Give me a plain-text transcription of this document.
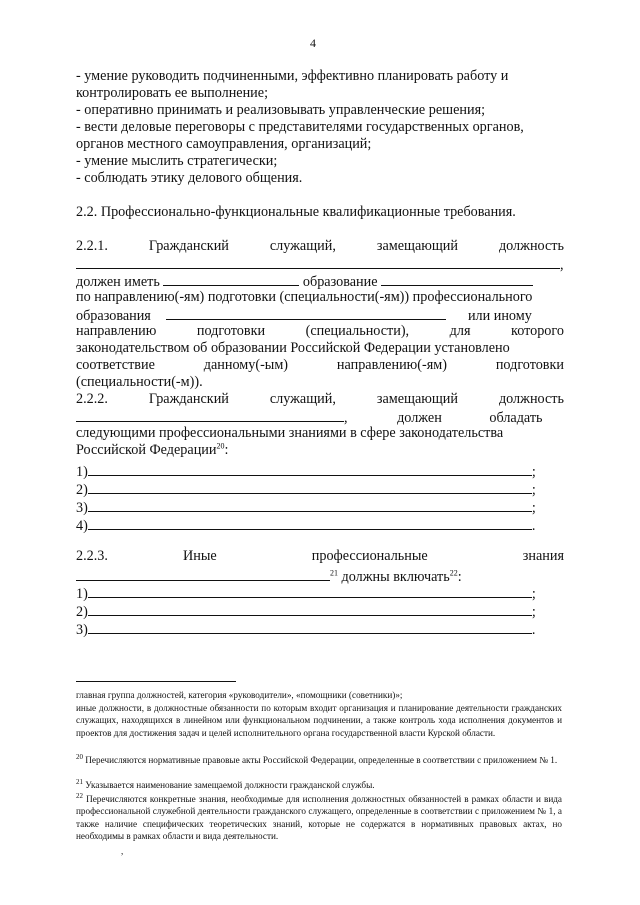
4
- умение руководить подчиненными, эффективно планировать работу и
контролировать ее выполнение;
- оперативно принимать и реализовывать управленческие решения;
- вести деловые переговоры с представителями государственных органов,
органов местного самоуправления, организаций;
- умение мыслить стратегически;
- соблюдать этику делового общения.
2.2. Профессионально-функциональные квалификационные требования.
2.2.1.	Гражданский	служащий,	замещающий	должность
,
должен иметь	образование
по направлению(-ям) подготовки (специальности(-ям)) профессионального
образования	или иному
направлению	подготовки	(специальности),	для	которого
законодательством об образовании Российской Федерации установлено
соответствие	данному(-ым)	направлению(-ям)	подготовки
(специальности(-м)).
2.2.2.	Гражданский	служащий,	замещающий	должность
,	должен	обладать
следующими профессиональными знаниями в сфере законодательства
Российской Федерации$^{20}$:
1)	;
2)	;
3)	;
4)	.
2.2.3.	Иные	профессиональные	знания
$^{21}$ должны включать$^{22}$:
1)	;
2)	;
3)	.
главная группа должностей, категория «руководители», «помощники (советники)»;
иные должности, в должностные обязанности по которым входит организация и планирование деятельности гражданских служащих, находящихся в линейном или функциональном подчинении, а также контроль хода исполнения документов и проектов для достижения задач и целей исполнительного органа государственной власти Курской области.
$^{20}$ Перечисляются нормативные правовые акты Российской Федерации, определенные в соответствии с приложением № 1.
$^{21}$ Указывается наименование замещаемой должности гражданской службы.
$^{22}$ Перечисляются конкретные знания, необходимые для исполнения должностных обязанностей в рамках области и вида профессиональной служебной деятельности гражданского служащего, определенные в соответствии с приложением № 1, а также наличие специфических теоретических знаний, которые не содержатся в нормативных правовых актах, но необходимы в рамках области и вида деятельности.
,
